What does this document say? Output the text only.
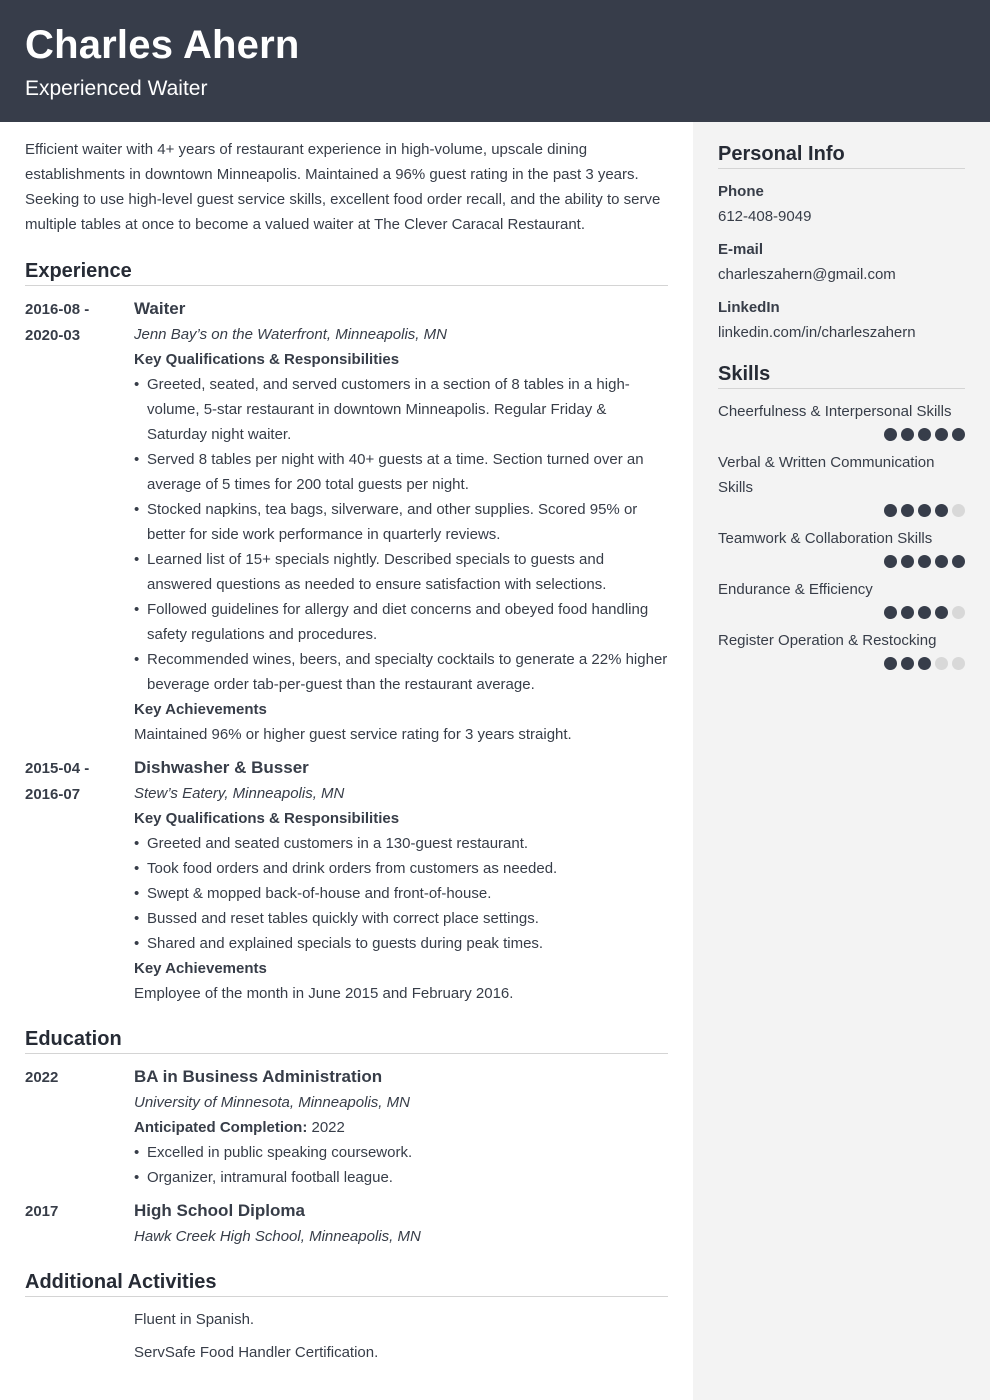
Charles Ahern
Experienced Waiter

Efficient waiter with 4+ years of restaurant experience in high-volume, upscale dining establishments in downtown Minneapolis. Maintained a 96% guest rating in the past 3 years. Seeking to use high-level guest service skills, excellent food order recall, and the ability to serve multiple tables at once to become a valued waiter at The Clever Caracal Restaurant.

Experience
2016-08 -
2020-03
Waiter
Jenn Bay’s on the Waterfront, Minneapolis, MN
Key Qualifications & Responsibilities
• Greeted, seated, and served customers in a section of 8 tables in a high-volume, 5-star restaurant in downtown Minneapolis. Regular Friday & Saturday night waiter.
• Served 8 tables per night with 40+ guests at a time. Section turned over an average of 5 times for 200 total guests per night.
• Stocked napkins, tea bags, silverware, and other supplies. Scored 95% or better for side work performance in quarterly reviews.
• Learned list of 15+ specials nightly. Described specials to guests and answered questions as needed to ensure satisfaction with selections.
• Followed guidelines for allergy and diet concerns and obeyed food handling safety regulations and procedures.
• Recommended wines, beers, and specialty cocktails to generate a 22% higher beverage order tab-per-guest than the restaurant average.
Key Achievements
Maintained 96% or higher guest service rating for 3 years straight.
2015-04 -
2016-07
Dishwasher & Busser
Stew’s Eatery, Minneapolis, MN
Key Qualifications & Responsibilities
• Greeted and seated customers in a 130-guest restaurant.
• Took food orders and drink orders from customers as needed.
• Swept & mopped back-of-house and front-of-house.
• Bussed and reset tables quickly with correct place settings.
• Shared and explained specials to guests during peak times.
Key Achievements
Employee of the month in June 2015 and February 2016.
Education
2022	BA in Business Administration
University of Minnesota, Minneapolis, MN
Anticipated Completion: 2022
• Excelled in public speaking coursework.
• Organizer, intramural football league.
2017	High School Diploma
Hawk Creek High School, Minneapolis, MN
Additional Activities
Fluent in Spanish.
ServSafe Food Handler Certification.
Personal Info
Phone
612-408-9049
E-mail
charleszahern@gmail.com
LinkedIn
linkedin.com/in/charleszahern
Skills
Cheerfulness & Interpersonal Skills
Verbal & Written Communication Skills
Teamwork & Collaboration Skills
Endurance & Efficiency
Register Operation & Restocking
